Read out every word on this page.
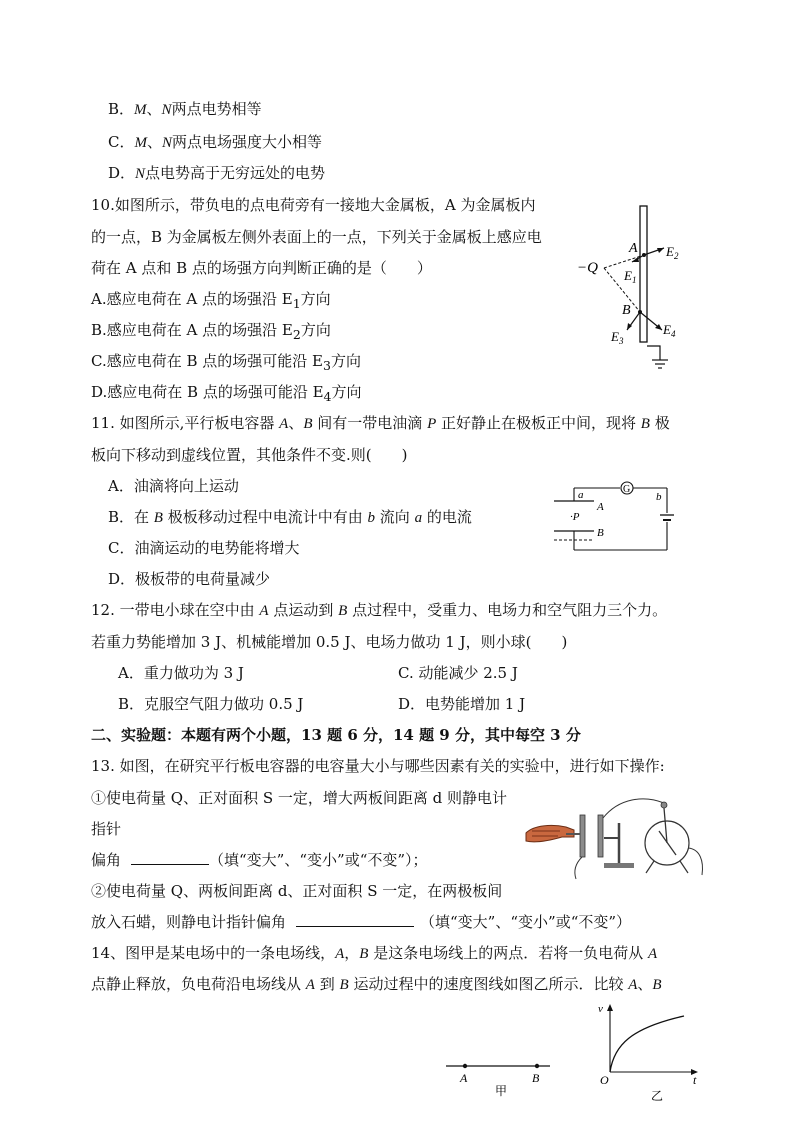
B．M、N两点电势相等
C．M、N两点电场强度大小相等
D．N点电势高于无穷远处的电势
10.如图所示，带负电的点电荷旁有一接地大金属板，A 为金属板内
的一点，B 为金属板左侧外表面上的一点，下列关于金属板上感应电
荷在 A 点和 B 点的场强方向判断正确的是（　　）
A.感应电荷在 A 点的场强沿 $E_1$方向
B.感应电荷在 A 点的场强沿 $E_2$方向
C.感应电荷在 B 点的场强可能沿 $E_3$方向
D.感应电荷在 B 点的场强可能沿 $E_4$方向
−Q
A
B
$E_2$
$E_1$
$E_4$
$E_3$
11. 如图所示,平行板电容器 A、B 间有一带电油滴 P 正好静止在极板正中间，现将 B 极
板向下移动到虚线位置，其他条件不变.则(　　)
A．油滴将向上运动
B．在 B 极板移动过程中电流计中有由 b 流向 a 的电流
C．油滴运动的电势能将增大
D．极板带的电荷量减少
G
a	b
A
B
·P
12. 一带电小球在空中由 A 点运动到 B 点过程中，受重力、电场力和空气阻力三个力。
若重力势能增加 3 J、机械能增加 0.5 J、电场力做功 1 J，则小球(　　)
A．重力做功为 3 J	C. 动能减少 2.5 J
B．克服空气阻力做功 0.5 J	D．电势能增加 1 J
二、实验题：本题有两个小题，13 题 6 分，14 题 9 分，其中每空 3 分
13. 如图，在研究平行板电容器的电容量大小与哪些因素有关的实验中，进行如下操作:
①使电荷量 Q、正对面积 S 一定，增大两板间距离 d 则静电计
指针
偏角	（填“变大”、“变小”或“不变”）；
②使电荷量 Q、两板间距离 d、正对面积 S 一定，在两极板间
放入石蜡，则静电计指针偏角	（填“变大”、“变小”或“不变”）
14、图甲是某电场中的一条电场线，A，B 是这条电场线上的两点．若将一负电荷从 A
点静止释放，负电荷沿电场线从 A 到 B 运动过程中的速度图线如图乙所示．比较 A、B
A	B
甲
v
O	t
乙
